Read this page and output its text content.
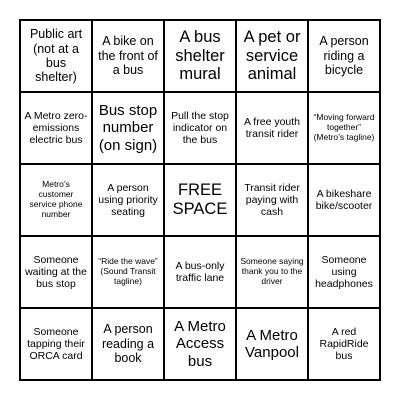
Public art (not at a bus shelter)
A bike on the front of a bus
A bus shelter mural
A pet or service animal
A person riding a bicycle
A Metro zero-emissions electric bus
Bus stop number (on sign)
Pull the stop indicator on the bus
A free youth transit rider
“Moving forward together” (Metro’s tagline)
Metro’s customer service phone number
A person using priority seating
FREE SPACE
Transit rider paying with cash
A bikeshare bike/scooter
Someone waiting at the bus stop
“Ride the wave” (Sound Transit tagline)
A bus-only traffic lane
Someone saying thank you to the driver
Someone using headphones
Someone tapping their ORCA card
A person reading a book
A Metro Access bus
A Metro Vanpool
A red RapidRide bus
